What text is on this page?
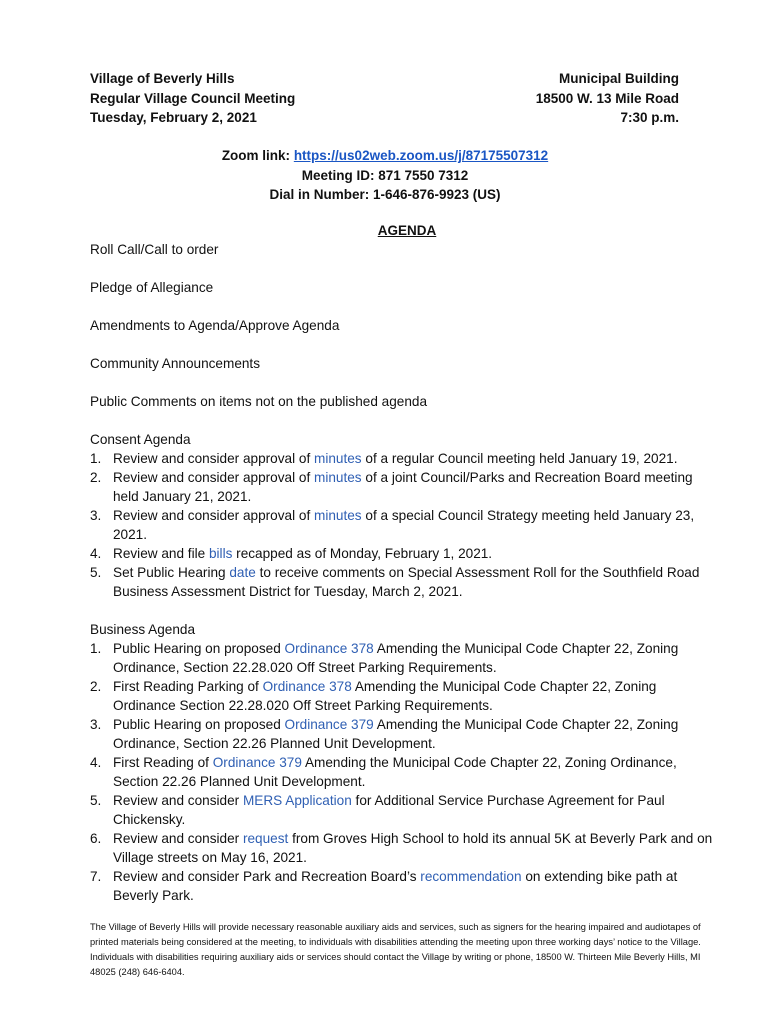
Village of Beverly Hills
Regular Village Council Meeting
Tuesday, February 2, 2021
Municipal Building
18500 W. 13 Mile Road
7:30 p.m.
Zoom link: https://us02web.zoom.us/j/87175507312
Meeting ID: 871 7550 7312
Dial in Number: 1-646-876-9923 (US)
AGENDA
Roll Call/Call to order
Pledge of Allegiance
Amendments to Agenda/Approve Agenda
Community Announcements
Public Comments on items not on the published agenda
Consent Agenda
1. Review and consider approval of minutes of a regular Council meeting held January 19, 2021.
2. Review and consider approval of minutes of a joint Council/Parks and Recreation Board meeting held January 21, 2021.
3. Review and consider approval of minutes of a special Council Strategy meeting held January 23, 2021.
4. Review and file bills recapped as of Monday, February 1, 2021.
5. Set Public Hearing date to receive comments on Special Assessment Roll for the Southfield Road Business Assessment District for Tuesday, March 2, 2021.
Business Agenda
1. Public Hearing on proposed Ordinance 378 Amending the Municipal Code Chapter 22, Zoning Ordinance, Section 22.28.020 Off Street Parking Requirements.
2. First Reading Parking of Ordinance 378 Amending the Municipal Code Chapter 22, Zoning Ordinance Section 22.28.020 Off Street Parking Requirements.
3. Public Hearing on proposed Ordinance 379 Amending the Municipal Code Chapter 22, Zoning Ordinance, Section 22.26 Planned Unit Development.
4. First Reading of Ordinance 379 Amending the Municipal Code Chapter 22, Zoning Ordinance, Section 22.26 Planned Unit Development.
5. Review and consider MERS Application for Additional Service Purchase Agreement for Paul Chickensky.
6. Review and consider request from Groves High School to hold its annual 5K at Beverly Park and on Village streets on May 16, 2021.
7. Review and consider Park and Recreation Board’s recommendation on extending bike path at Beverly Park.
The Village of Beverly Hills will provide necessary reasonable auxiliary aids and services, such as signers for the hearing impaired and audiotapes of printed materials being considered at the meeting, to individuals with disabilities attending the meeting upon three working days’ notice to the Village. Individuals with disabilities requiring auxiliary aids or services should contact the Village by writing or phone, 18500 W. Thirteen Mile Beverly Hills, MI 48025 (248) 646-6404.
